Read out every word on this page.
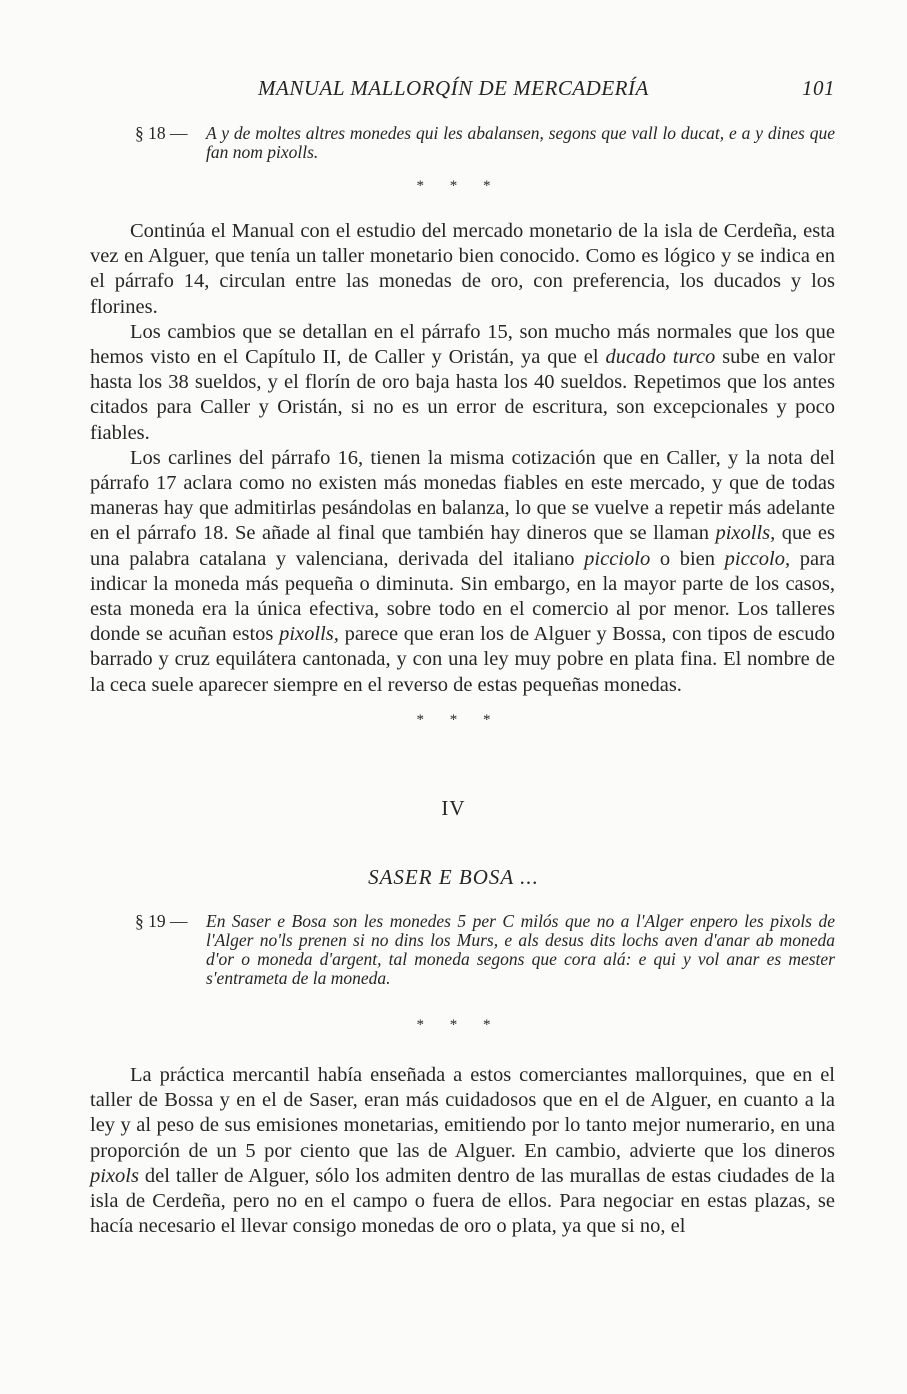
MANUAL MALLORQÍN DE MERCADERÍA	101
§ 18 — A y de moltes altres monedes qui les abalansen, segons que vall lo ducat, e a y dines que fan nom pixolls.
* * *

Continúa el Manual con el estudio del mercado monetario de la isla de Cerdeña, esta vez en Alguer, que tenía un taller monetario bien conocido. Como es lógico y se indica en el párrafo 14, circulan entre las monedas de oro, con preferencia, los ducados y los florines.

Los cambios que se detallan en el párrafo 15, son mucho más normales que los que hemos visto en el Capítulo II, de Caller y Oristán, ya que el ducado turco sube en valor hasta los 38 sueldos, y el florín de oro baja hasta los 40 sueldos. Repetimos que los antes citados para Caller y Oristán, si no es un error de escritura, son excepcionales y poco fiables.

Los carlines del párrafo 16, tienen la misma cotización que en Caller, y la nota del párrafo 17 aclara como no existen más monedas fiables en este mercado, y que de todas maneras hay que admitirlas pesándolas en balanza, lo que se vuelve a repetir más adelante en el párrafo 18. Se añade al final que también hay dineros que se llaman pixolls, que es una palabra catalana y valenciana, derivada del italiano picciolo o bien piccolo, para indicar la moneda más pequeña o diminuta. Sin embargo, en la mayor parte de los casos, esta moneda era la única efectiva, sobre todo en el comercio al por menor. Los talleres donde se acuñan estos pixolls, parece que eran los de Alguer y Bossa, con tipos de escudo barrado y cruz equilátera cantonada, y con una ley muy pobre en plata fina. El nombre de la ceca suele aparecer siempre en el reverso de estas pequeñas monedas.

* * *
IV
SASER E BOSA ...
§ 19 — En Saser e Bosa son les monedes 5 per C milós que no a l'Alger enpero les pixols de l'Alger no'ls prenen si no dins los Murs, e als desus dits lochs aven d'anar ab moneda d'or o moneda d'argent, tal moneda segons que cora alá: e qui y vol anar es mester s'entrameta de la moneda.
* * *

La práctica mercantil había enseñada a estos comerciantes mallorquines, que en el taller de Bossa y en el de Saser, eran más cuidadosos que en el de Alguer, en cuanto a la ley y al peso de sus emisiones monetarias, emitiendo por lo tanto mejor numerario, en una proporción de un 5 por ciento que las de Alguer. En cambio, advierte que los dineros pixols del taller de Alguer, sólo los admiten dentro de las murallas de estas ciudades de la isla de Cerdeña, pero no en el campo o fuera de ellos. Para negociar en estas plazas, se hacía necesario el llevar consigo monedas de oro o plata, ya que si no, el
